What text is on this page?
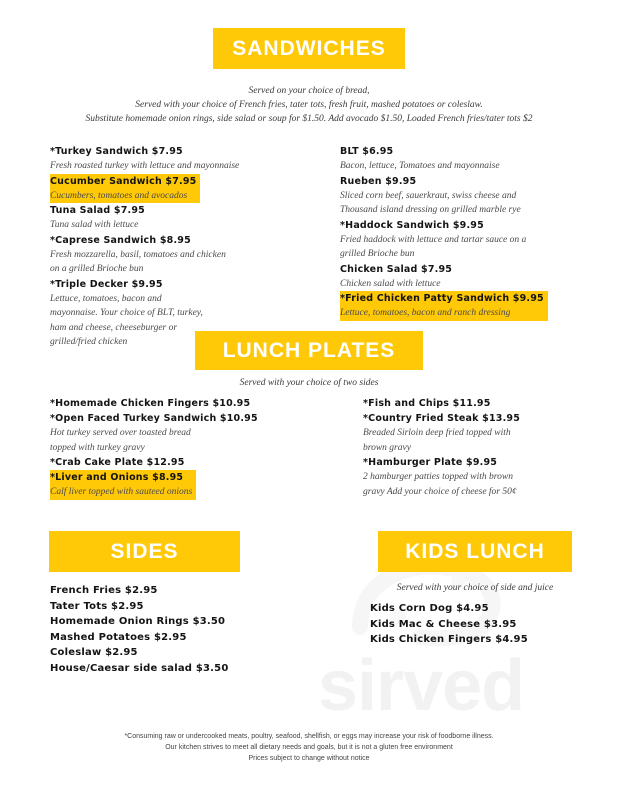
sirved
SANDWICHES
Served on your choice of bread,
Served with your choice of French fries, tater tots, fresh fruit, mashed potatoes or coleslaw.
Substitute homemade onion rings, side salad or soup for $1.50. Add avocado $1.50, Loaded French fries/tater tots $2
*Turkey Sandwich $7.95
Fresh roasted turkey with lettuce and mayonnaise
Cucumber Sandwich $7.95
Cucumbers, tomatoes and avocados
Tuna Salad $7.95
Tuna salad with lettuce
*Caprese Sandwich $8.95
Fresh mozzarella, basil, tomatoes and chicken
on a grilled Brioche bun
*Triple Decker $9.95
Lettuce, tomatoes, bacon and
mayonnaise. Your choice of BLT, turkey,
ham and cheese, cheeseburger or
grilled/fried chicken
BLT $6.95
Bacon, lettuce, Tomatoes and mayonnaise
Rueben $9.95
Sliced corn beef, sauerkraut, swiss cheese and
Thousand island dressing on grilled marble rye
*Haddock Sandwich $9.95
Fried haddock with lettuce and tartar sauce on a
grilled Brioche bun
Chicken Salad $7.95
Chicken salad with lettuce
*Fried Chicken Patty Sandwich $9.95
Lettuce, tomatoes, bacon and ranch dressing
LUNCH PLATES
Served with your choice of two sides
*Homemade Chicken Fingers $10.95
*Open Faced Turkey Sandwich $10.95
Hot turkey served over toasted bread
topped with turkey gravy
*Crab Cake Plate $12.95
*Liver and Onions $8.95
Calf liver topped with sauteed onions
*Fish and Chips $11.95
*Country Fried Steak $13.95
Breaded Sirloin deep fried topped with
brown gravy
*Hamburger Plate $9.95
2 hamburger patties topped with brown
gravy Add your choice of cheese for 50¢
SIDES
French Fries $2.95
Tater Tots $2.95
Homemade Onion Rings $3.50
Mashed Potatoes $2.95
Coleslaw $2.95
House/Caesar side salad $3.50
KIDS LUNCH
Served with your choice of side and juice
Kids Corn Dog $4.95
Kids Mac & Cheese $3.95
Kids Chicken Fingers $4.95
*Consuming raw or undercooked meats, poultry, seafood, shellfish, or eggs may increase your risk of foodborne illness.
Our kitchen strives to meet all dietary needs and goals, but it is not a gluten free environment
Prices subject to change without notice
